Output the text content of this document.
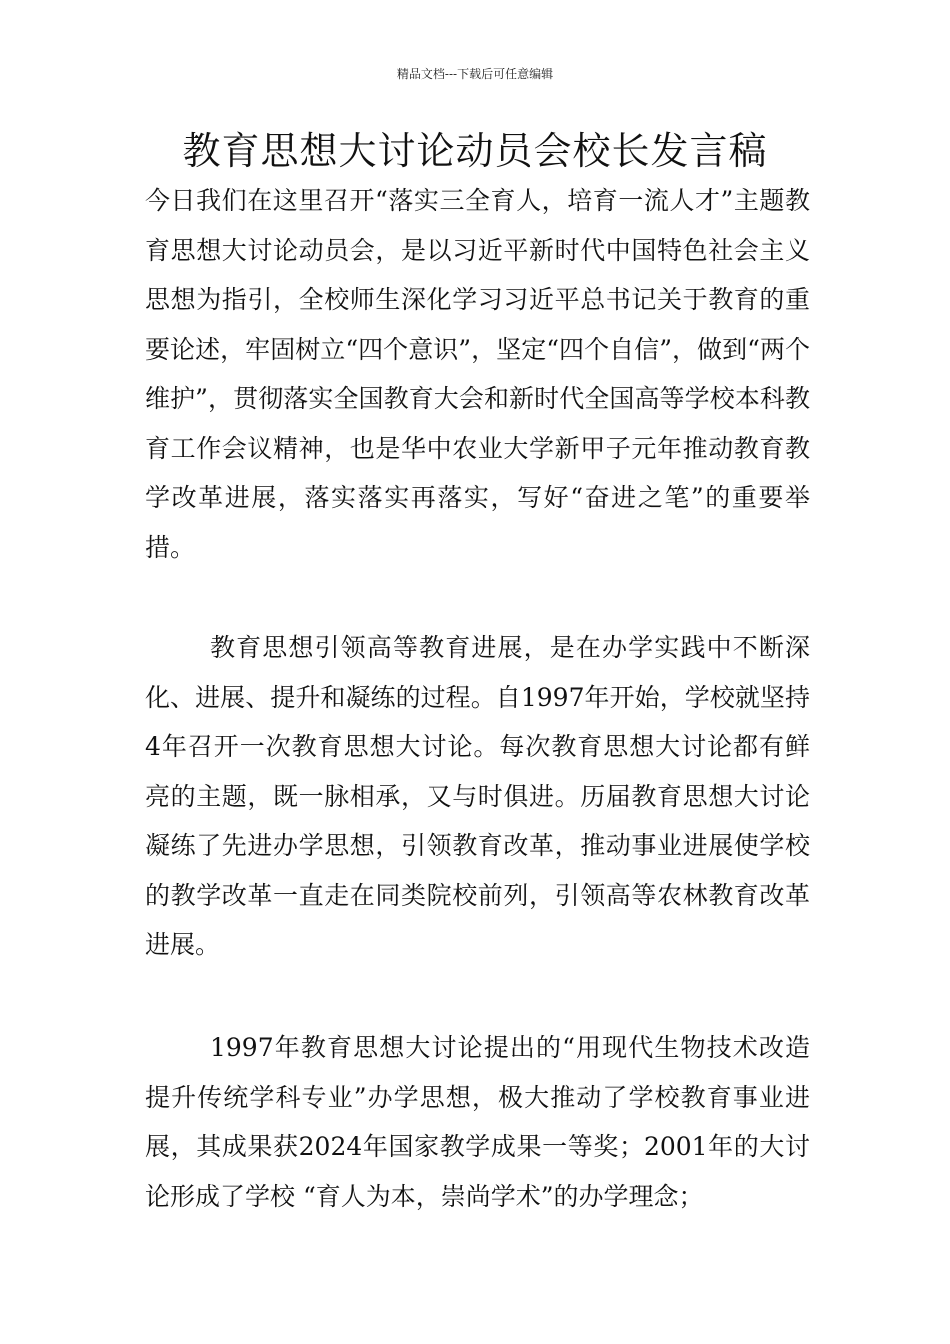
精品文档---下载后可任意编辑
教育思想大讨论动员会校长发言稿

今日我们在这里召开“落实三全育人，培育一流人才”主题教育思想大讨论动员会，是以习近平新时代中国特色社会主义思想为指引，全校师生深化学习习近平总书记关于教育的重要论述，牢固树立“四个意识”，坚定“四个自信”，做到“两个维护”，贯彻落实全国教育大会和新时代全国高等学校本科教育工作会议精神，也是华中农业大学新甲子元年推动教育教学改革进展，落实落实再落实，写好“奋进之笔”的重要举措。

教育思想引领高等教育进展，是在办学实践中不断深化、进展、提升和凝练的过程。自1997年开始，学校就坚持4年召开一次教育思想大讨论。每次教育思想大讨论都有鲜亮的主题，既一脉相承，又与时俱进。历届教育思想大讨论凝练了先进办学思想，引领教育改革，推动事业进展使学校的教学改革一直走在同类院校前列，引领高等农林教育改革进展。

1997年教育思想大讨论提出的“用现代生物技术改造提升传统学科专业”办学思想，极大推动了学校教育事业进展，其成果获2024年国家教学成果一等奖；2001年的大讨论形成了学校 “育人为本，崇尚学术”的办学理念；
